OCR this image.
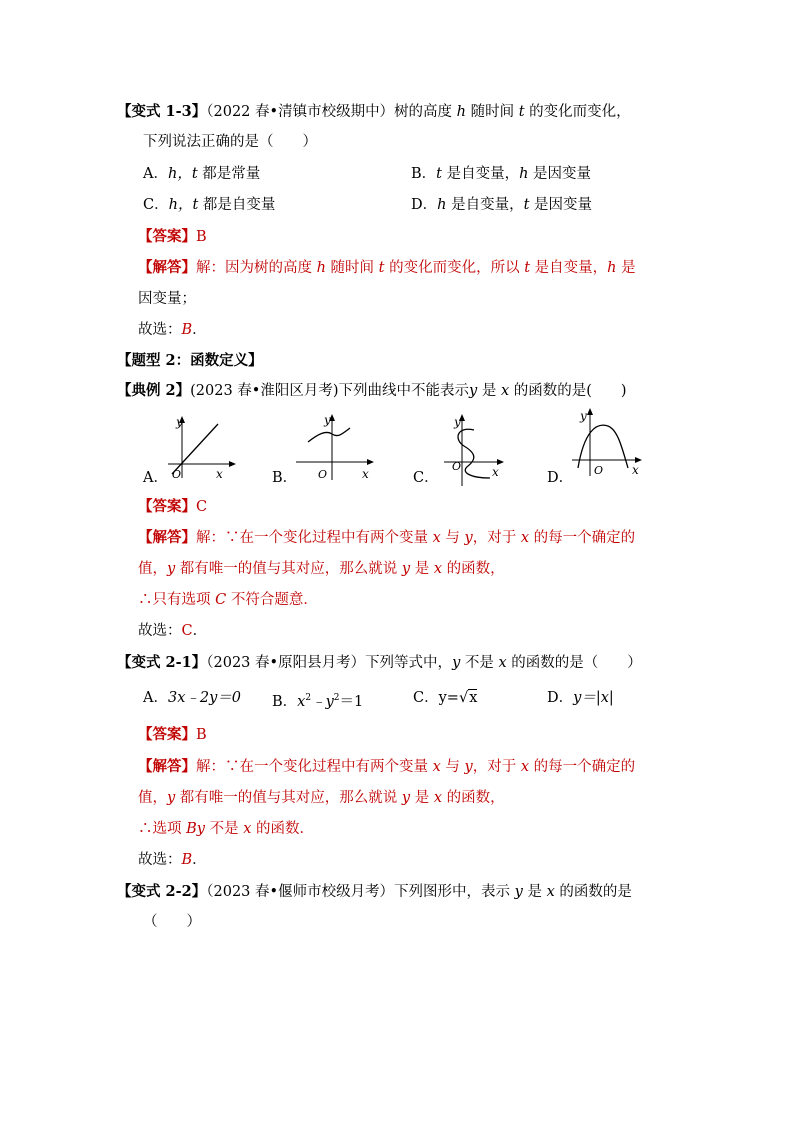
【变式 1-3】（2022 春•清镇市校级期中）树的高度 h 随时间 t 的变化而变化，
下列说法正确的是（　　）
A．h，t 都是常量	B．t 是自变量，h 是因变量
C．h，t 都是自变量	D．h 是自变量，t 是因变量
【答案】B
【解答】解：因为树的高度 h 随时间 t 的变化而变化，所以 t 是自变量，h 是
因变量；
故选：B．
【题型 2：函数定义】
【典例 2】(2023 春•淮阳区月考)下列曲线中不能表示y 是 x 的函数的是(　　)
A．
y
x
O	B．
y
x
O	C．
y
x
O
D．
y
x
O
【答案】C
【解答】解：∵在一个变化过程中有两个变量 x 与 y，对于 x 的每一个确定的
值，y 都有唯一的值与其对应，那么就说 y 是 x 的函数，
∴只有选项 C 不符合题意．
故选：C．
【变式 2-1】（2023 春•原阳县月考）下列等式中，y 不是 x 的函数的是（　　）
A．3x﹣2y＝0 B．$x^2﹣y^2=1$	C．y=√x	D．y＝|x|
【答案】B
【解答】解：∵在一个变化过程中有两个变量 x 与 y，对于 x 的每一个确定的
值，y 都有唯一的值与其对应，那么就说 y 是 x 的函数，
∴选项 By 不是 x 的函数．
故选：B．
【变式 2-2】（2023 春•偃师市校级月考）下列图形中，表示 y 是 x 的函数的是
（　　）
